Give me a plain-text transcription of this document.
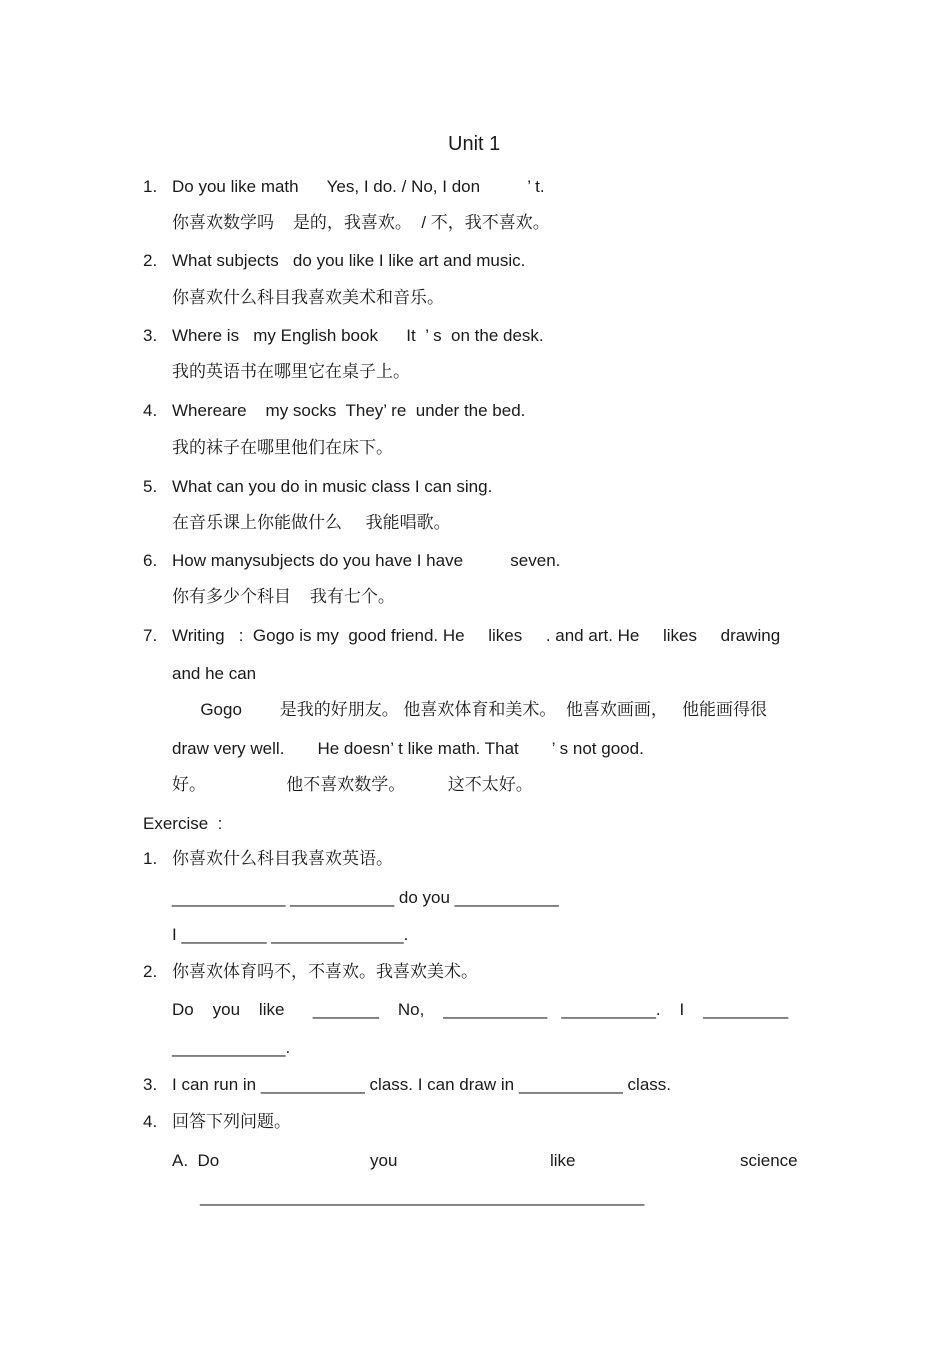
Unit 1
1. Do you like math      Yes, I do. / No, I don          ’ t.
你喜欢数学吗    是的，我喜欢。  / 不，我不喜欢。
2. What subjects   do you like I like art and music.
你喜欢什么科目我喜欢美术和音乐。
3. Where is   my English book      It  ’ s  on the desk.
我的英语书在哪里它在桌子上。
4. Whereare    my socks  They’ re  under the bed.
我的袜子在哪里他们在床下。
5. What can you do in music class I can sing.
在音乐课上你能做什么     我能唱歌。
6. How manysubjects do you have I have          seven.
你有多少个科目    我有七个。
7. Writing   :  Gogo is my  good friend. He     likes     . and art. He     likes     drawing
and he can
Gogo        是我的好朋友。 他喜欢体育和美术。  他喜欢画画，   他能画得很
draw very well.       He doesn’ t like math. That       ’ s not good.
好。                 他不喜欢数学。         这不太好。
Exercise  :
1. 你喜欢什么科目我喜欢英语。
____________ ___________ do you ___________
I _________ ______________.
2. 你喜欢体育吗不，不喜欢。我喜欢美术。
Do    you    like      _______    No,    ___________   __________.    I    _________
____________.
3. I can run in ___________ class. I can draw in ___________ class.
4. 回答下列问题。
A.  Do	you	like	science
_______________________________________________
